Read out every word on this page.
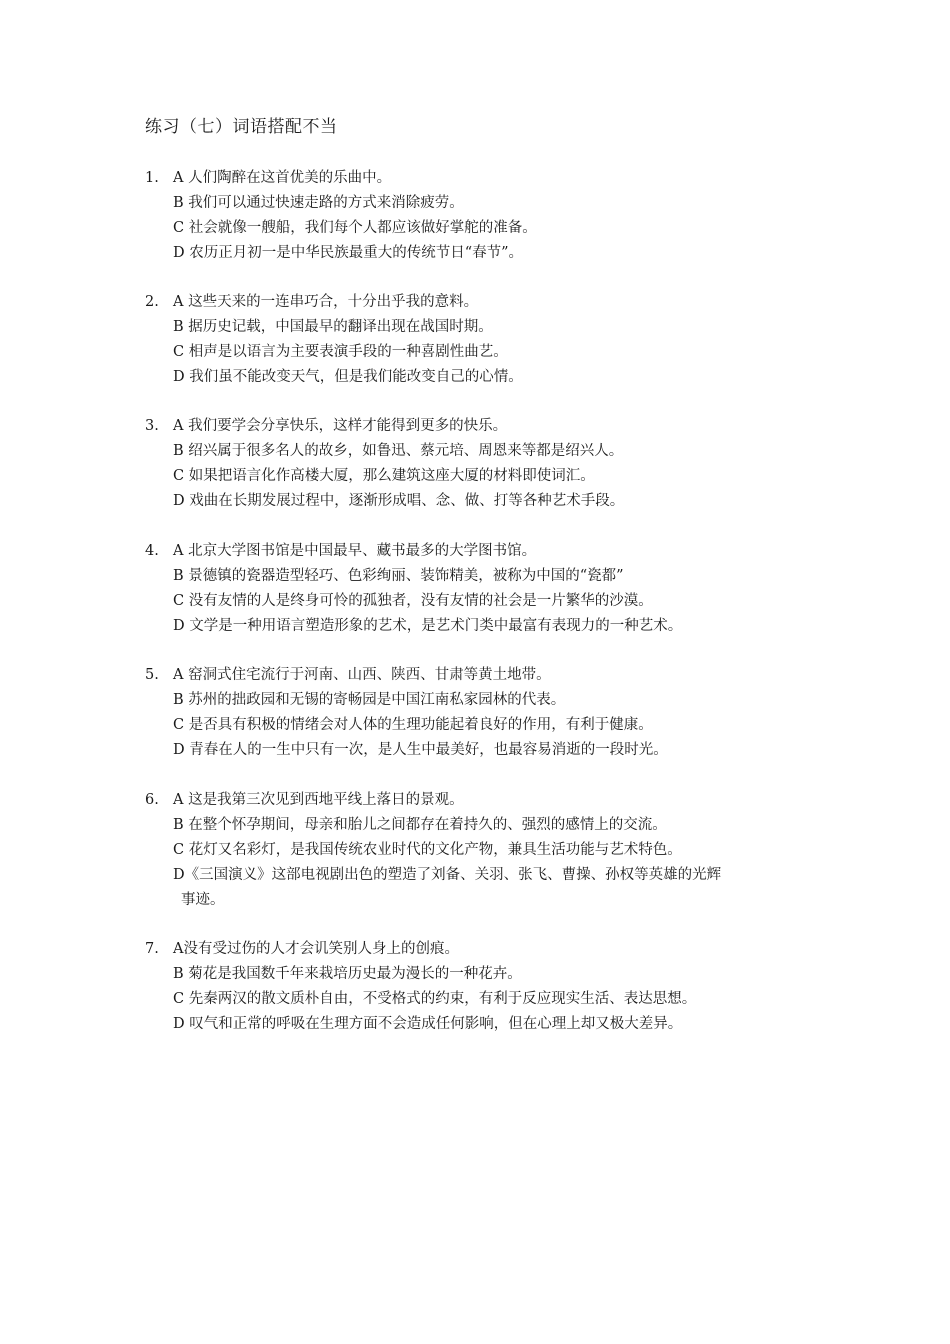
练习（七）词语搭配不当
1. A 人们陶醉在这首优美的乐曲中。
B 我们可以通过快速走路的方式来消除疲劳。
C 社会就像一艘船，我们每个人都应该做好掌舵的准备。
D 农历正月初一是中华民族最重大的传统节日“春节”。
2. A 这些天来的一连串巧合，十分出乎我的意料。
B 据历史记载，中国最早的翻译出现在战国时期。
C 相声是以语言为主要表演手段的一种喜剧性曲艺。
D 我们虽不能改变天气，但是我们能改变自己的心情。
3. A 我们要学会分享快乐，这样才能得到更多的快乐。
B 绍兴属于很多名人的故乡，如鲁迅、蔡元培、周恩来等都是绍兴人。
C 如果把语言化作高楼大厦，那么建筑这座大厦的材料即使词汇。
D 戏曲在长期发展过程中，逐渐形成唱、念、做、打等各种艺术手段。
4. A 北京大学图书馆是中国最早、藏书最多的大学图书馆。
B 景德镇的瓷器造型轻巧、色彩绚丽、装饰精美，被称为中国的“瓷都”
C 没有友情的人是终身可怜的孤独者，没有友情的社会是一片繁华的沙漠。
D 文学是一种用语言塑造形象的艺术，是艺术门类中最富有表现力的一种艺术。
5. A 窑洞式住宅流行于河南、山西、陕西、甘肃等黄土地带。
B 苏州的拙政园和无锡的寄畅园是中国江南私家园林的代表。
C 是否具有积极的情绪会对人体的生理功能起着良好的作用，有利于健康。
D 青春在人的一生中只有一次，是人生中最美好，也最容易消逝的一段时光。
6. A 这是我第三次见到西地平线上落日的景观。
B 在整个怀孕期间，母亲和胎儿之间都存在着持久的、强烈的感情上的交流。
C 花灯又名彩灯，是我国传统农业时代的文化产物，兼具生活功能与艺术特色。
D《三国演义》这部电视剧出色的塑造了刘备、关羽、张飞、曹操、孙权等英雄的光辉
事迹。
7. A没有受过伤的人才会讥笑别人身上的创痕。
B 菊花是我国数千年来栽培历史最为漫长的一种花卉。
C 先秦两汉的散文质朴自由，不受格式的约束，有利于反应现实生活、表达思想。
D 叹气和正常的呼吸在生理方面不会造成任何影响，但在心理上却又极大差异。
